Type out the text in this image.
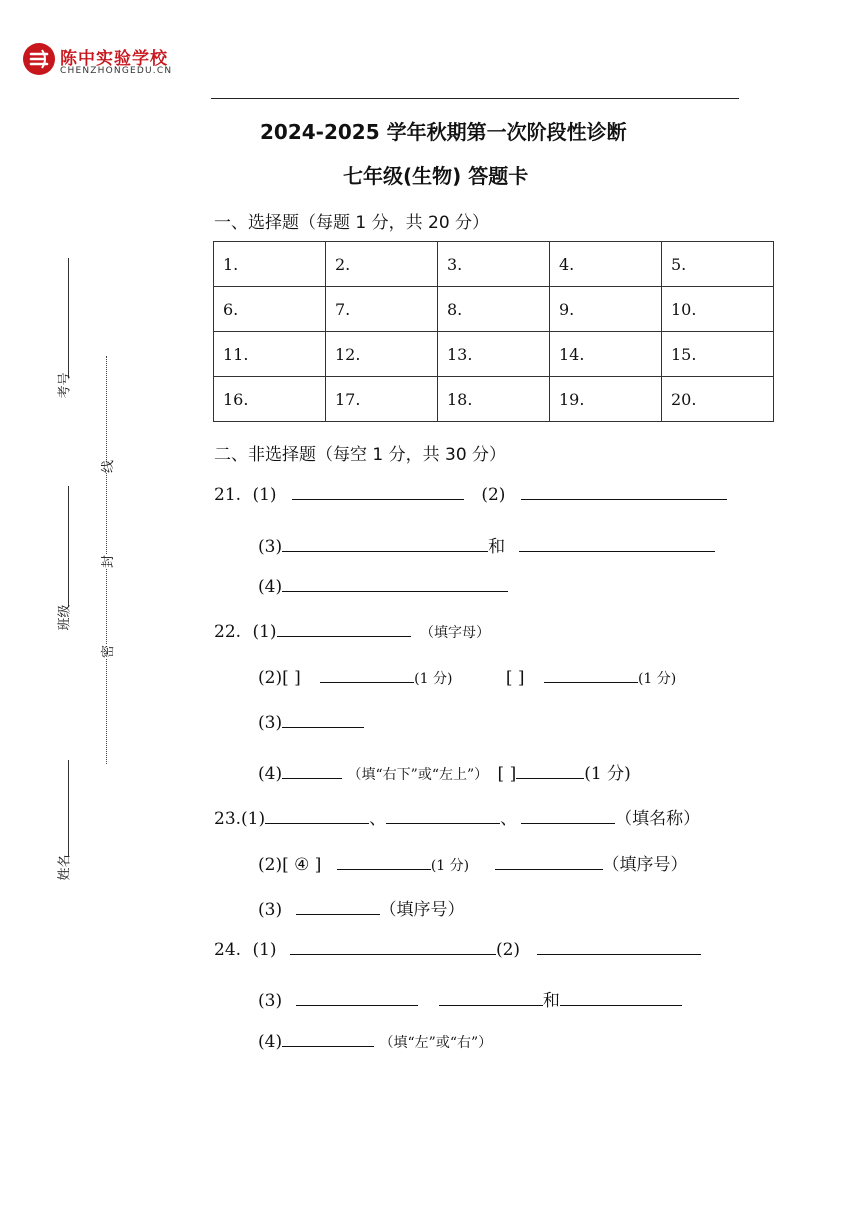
陈中实验学校
CHENZHONGEDU.CN
2024-2025 学年秋期第一次阶段性诊断
七年级(生物) 答题卡
一、选择题（每题 1 分，共 20 分）
1.	2.	3.	4.	5.
6.	7.	8.	9.	10.
11.	12.	13.	14.	15.
16.	17.	18.	19.	20.
二、非选择题（每空 1 分，共 30 分）
21. (1)	(2)
(3)	和
(4)
22. (1)	（填字母）
(2)[ ]	(1 分)	[ ]	(1 分)
(3)
(4)	（填“右下”或“左上”） [ ]	(1 分)
23.(1)	、	、	（填名称）
(2)[ ④ ]	(1 分)	（填序号）
(3)	（填序号）
24. (1)	(2)
(3)	和
(4)	（填“左”或“右”）
考号
班级
姓名
线
封
密
